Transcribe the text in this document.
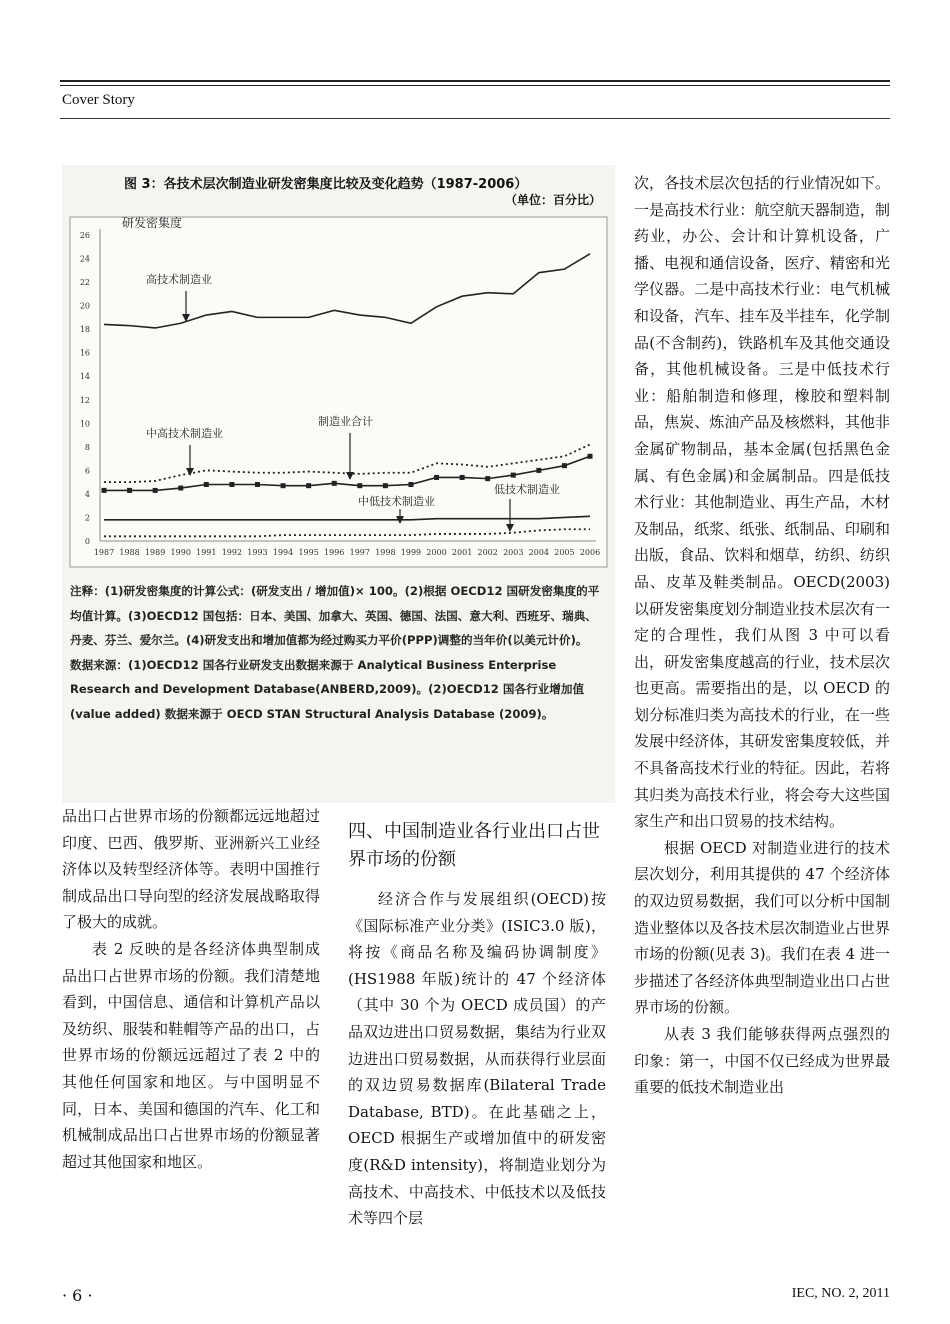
Cover Story
图 3：各技术层次制造业研发密集度比较及变化趋势（1987-2006）
（单位：百分比）
0
2
4
6
8
10
12
14
16
18
20
22
24
26
1987 1988 1989 1990 1991 1992 1993 1994 1995 1996 1997 1998 1999 2000 2001 2002 2003 2004 2005 2006
研发密集度
高技术制造业
制造业合计
中高技术制造业
中低技术制造业
低技术制造业

注释：(1)研发密集度的计算公式：(研发支出 / 增加值)× 100。(2)根据 OECD12 国研发密集度的平均值计算。(3)OECD12 国包括：日本、美国、加拿大、英国、德国、法国、意大利、西班牙、瑞典、丹麦、芬兰、爱尔兰。(4)研发支出和增加值都为经过购买力平价(PPP)调整的当年价(以美元计价)。

数据来源：(1)OECD12 国各行业研发支出数据来源于 Analytical Business Enterprise Research and Development Database(ANBERD,2009)。(2)OECD12 国各行业增加值 (value added) 数据来源于 OECD STAN Structural Analysis Database (2009)。

品出口占世界市场的份额都远远地超过印度、巴西、俄罗斯、亚洲新兴工业经济体以及转型经济体等。表明中国推行制成品出口导向型的经济发展战略取得了极大的成就。

表 2 反映的是各经济体典型制成品出口占世界市场的份额。我们清楚地看到，中国信息、通信和计算机产品以及纺织、服装和鞋帽等产品的出口，占世界市场的份额远远超过了表 2 中的其他任何国家和地区。与中国明显不同，日本、美国和德国的汽车、化工和机械制成品出口占世界市场的份额显著超过其他国家和地区。

四、中国制造业各行业出口占世界市场的份额

经济合作与发展组织(OECD)按《国际标准产业分类》(ISIC3.0 版)，将按《商品名称及编码协调制度》(HS1988 年版)统计的 47 个经济体（其中 30 个为 OECD 成员国）的产品双边进出口贸易数据，集结为行业双边进出口贸易数据，从而获得行业层面的双边贸易数据库(Bilateral Trade Database, BTD)。在此基础之上，OECD 根据生产或增加值中的研发密度(R&D intensity)，将制造业划分为高技术、中高技术、中低技术以及低技术等四个层

次，各技术层次包括的行业情况如下。一是高技术行业：航空航天器制造，制药业，办公、会计和计算机设备，广播、电视和通信设备，医疗、精密和光学仪器。二是中高技术行业：电气机械和设备，汽车、挂车及半挂车，化学制品(不含制药)，铁路机车及其他交通设备，其他机械设备。三是中低技术行业：船舶制造和修理，橡胶和塑料制品，焦炭、炼油产品及核燃料，其他非金属矿物制品，基本金属(包括黑色金属、有色金属)和金属制品。四是低技术行业：其他制造业、再生产品，木材及制品，纸浆、纸张、纸制品、印刷和出版，食品、饮料和烟草，纺织、纺织品、皮革及鞋类制品。OECD(2003)以研发密集度划分制造业技术层次有一定的合理性，我们从图 3 中可以看出，研发密集度越高的行业，技术层次也更高。需要指出的是，以 OECD 的划分标准归类为高技术的行业，在一些发展中经济体，其研发密集度较低，并不具备高技术行业的特征。因此，若将其归类为高技术行业，将会夸大这些国家生产和出口贸易的技术结构。

根据 OECD 对制造业进行的技术层次划分，利用其提供的 47 个经济体的双边贸易数据，我们可以分析中国制造业整体以及各技术层次制造业占世界市场的份额(见表 3)。我们在表 4 进一步描述了各经济体典型制造业出口占世界市场的份额。

从表 3 我们能够获得两点强烈的印象：第一，中国不仅已经成为世界最重要的低技术制造业出

· 6 ·	IEC, NO. 2, 2011
